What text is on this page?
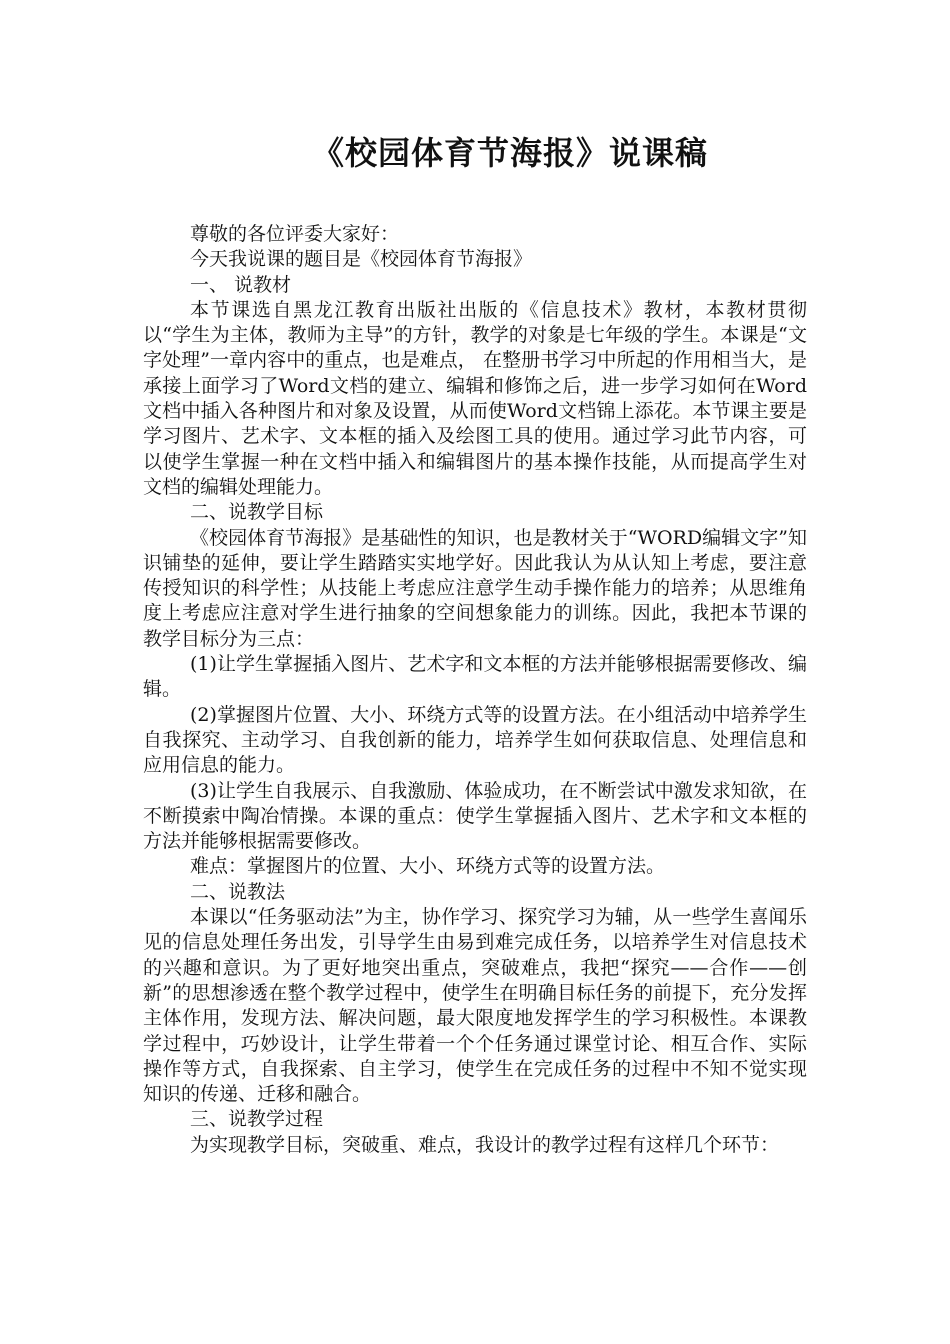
《校园体育节海报》说课稿

尊敬的各位评委大家好：

今天我说课的题目是《校园体育节海报》

一、 说教材

本节课选自黑龙江教育出版社出版的《信息技术》教材，本教材贯彻以“学生为主体，教师为主导”的方针，教学的对象是七年级的学生。本课是“文字处理”一章内容中的重点，也是难点， 在整册书学习中所起的作用相当大，是承接上面学习了Word文档的建立、编辑和修饰之后，进一步学习如何在Word文档中插入各种图片和对象及设置，从而使Word文档锦上添花。本节课主要是学习图片、艺术字、文本框的插入及绘图工具的使用。通过学习此节内容，可以使学生掌握一种在文档中插入和编辑图片的基本操作技能，从而提高学生对文档的编辑处理能力。

二、说教学目标

《校园体育节海报》是基础性的知识，也是教材关于“WORD编辑文字”知识铺垫的延伸，要让学生踏踏实实地学好。因此我认为从认知上考虑，要注意传授知识的科学性；从技能上考虑应注意学生动手操作能力的培养；从思维角度上考虑应注意对学生进行抽象的空间想象能力的训练。因此，我把本节课的教学目标分为三点：

(1)让学生掌握插入图片、艺术字和文本框的方法并能够根据需要修改、编辑。

(2)掌握图片位置、大小、环绕方式等的设置方法。在小组活动中培养学生自我探究、主动学习、自我创新的能力，培养学生如何获取信息、处理信息和应用信息的能力。

(3)让学生自我展示、自我激励、体验成功，在不断尝试中激发求知欲，在不断摸索中陶冶情操。本课的重点：使学生掌握插入图片、艺术字和文本框的方法并能够根据需要修改。

难点：掌握图片的位置、大小、环绕方式等的设置方法。

二、说教法

本课以“任务驱动法”为主，协作学习、探究学习为辅，从一些学生喜闻乐见的信息处理任务出发，引导学生由易到难完成任务，以培养学生对信息技术的兴趣和意识。为了更好地突出重点，突破难点，我把“探究——合作——创新”的思想渗透在整个教学过程中，使学生在明确目标任务的前提下，充分发挥主体作用，发现方法、解决问题，最大限度地发挥学生的学习积极性。本课教学过程中，巧妙设计，让学生带着一个个任务通过课堂讨论、相互合作、实际操作等方式，自我探索、自主学习，使学生在完成任务的过程中不知不觉实现知识的传递、迁移和融合。

三、说教学过程

为实现教学目标，突破重、难点，我设计的教学过程有这样几个环节：
